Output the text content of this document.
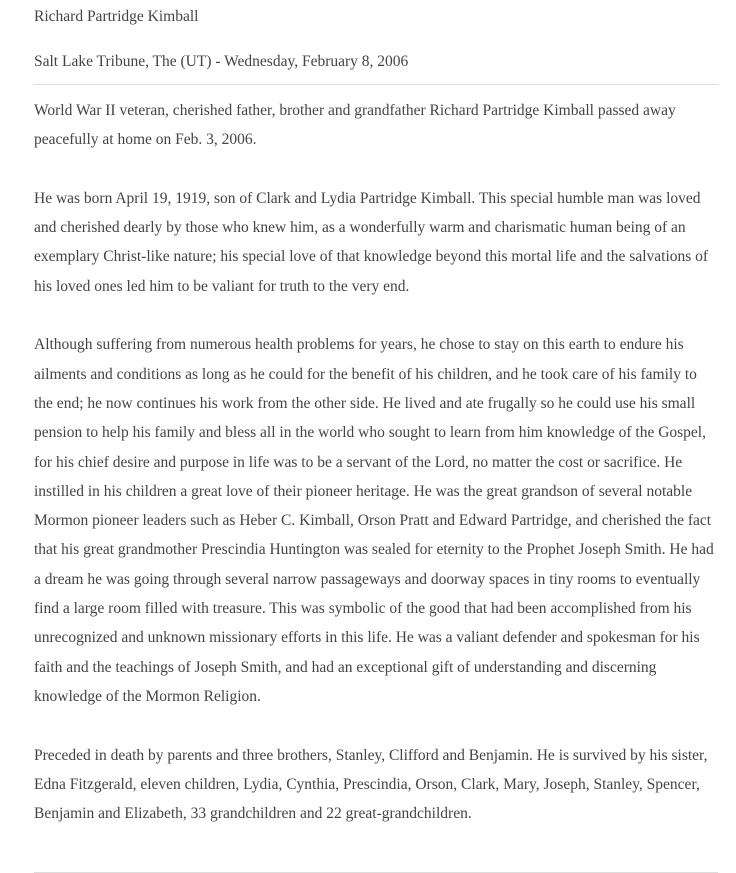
Richard Partridge Kimball
Salt Lake Tribune, The (UT) - Wednesday, February 8, 2006

World War II veteran, cherished father, brother and grandfather Richard Partridge Kimball passed away peacefully at home on Feb. 3, 2006.

He was born April 19, 1919, son of Clark and Lydia Partridge Kimball. This special humble man was loved and cherished dearly by those who knew him, as a wonderfully warm and charismatic human being of an exemplary Christ-like nature; his special love of that knowledge beyond this mortal life and the salvations of his loved ones led him to be valiant for truth to the very end.

Although suffering from numerous health problems for years, he chose to stay on this earth to endure his ailments and conditions as long as he could for the benefit of his children, and he took care of his family to the end; he now continues his work from the other side. He lived and ate frugally so he could use his small pension to help his family and bless all in the world who sought to learn from him knowledge of the Gospel, for his chief desire and purpose in life was to be a servant of the Lord, no matter the cost or sacrifice. He instilled in his children a great love of their pioneer heritage. He was the great grandson of several notable Mormon pioneer leaders such as Heber C. Kimball, Orson Pratt and Edward Partridge, and cherished the fact that his great grandmother Prescindia Huntington was sealed for eternity to the Prophet Joseph Smith. He had a dream he was going through several narrow passageways and doorway spaces in tiny rooms to eventually find a large room filled with treasure. This was symbolic of the good that had been accomplished from his unrecognized and unknown missionary efforts in this life. He was a valiant defender and spokesman for his faith and the teachings of Joseph Smith, and had an exceptional gift of understanding and discerning knowledge of the Mormon Religion.

Preceded in death by parents and three brothers, Stanley, Clifford and Benjamin. He is survived by his sister, Edna Fitzgerald, eleven children, Lydia, Cynthia, Prescindia, Orson, Clark, Mary, Joseph, Stanley, Spencer, Benjamin and Elizabeth, 33 grandchildren and 22 great-grandchildren.
